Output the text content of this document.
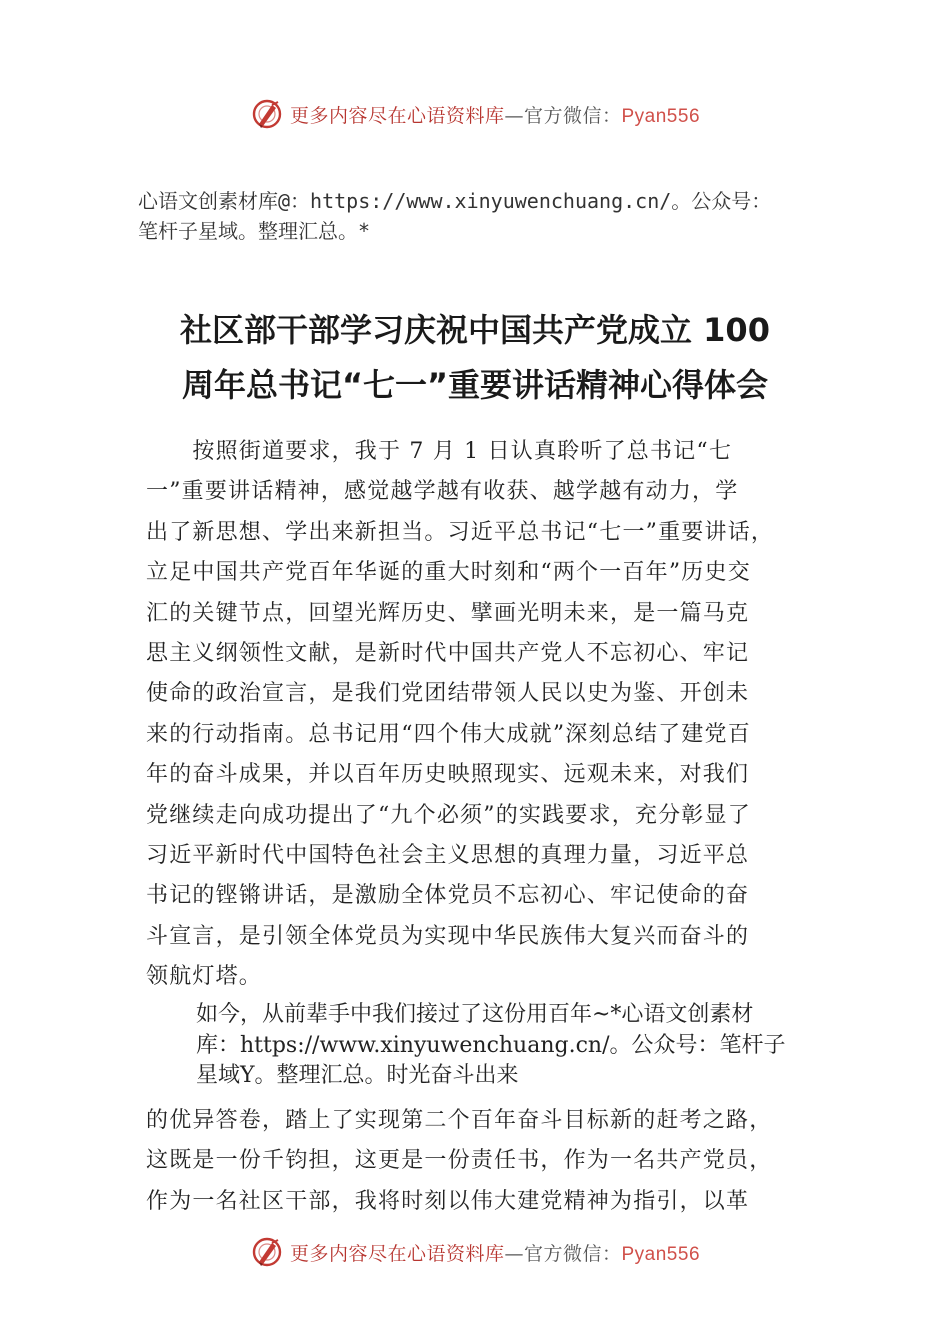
更多内容尽在心语资料库—官方微信：Pyan556
心语文创素材库@：https://www.xinyuwenchuang.cn/。公众号：
笔杆子星域。整理汇总。*
社区部干部学习庆祝中国共产党成立 100
周年总书记“七一”重要讲话精神心得体会
　　按照街道要求，我于 7 月 1 日认真聆听了总书记“七
一”重要讲话精神，感觉越学越有收获、越学越有动力，学
出了新思想、学出来新担当。习近平总书记“七一”重要讲话，
立足中国共产党百年华诞的重大时刻和“两个一百年”历史交
汇的关键节点，回望光辉历史、擘画光明未来，是一篇马克
思主义纲领性文献，是新时代中国共产党人不忘初心、牢记
使命的政治宣言，是我们党团结带领人民以史为鉴、开创未
来的行动指南。总书记用“四个伟大成就”深刻总结了建党百
年的奋斗成果，并以百年历史映照现实、远观未来，对我们
党继续走向成功提出了“九个必须”的实践要求，充分彰显了
习近平新时代中国特色社会主义思想的真理力量，习近平总
书记的铿锵讲话，是激励全体党员不忘初心、牢记使命的奋
斗宣言，是引领全体党员为实现中华民族伟大复兴而奋斗的
领航灯塔。
如今，从前辈手中我们接过了这份用百年~*心语文创素材
库：https://www.xinyuwenchuang.cn/。公众号：笔杆子
星域Y。整理汇总。时光奋斗出来
的优异答卷，踏上了实现第二个百年奋斗目标新的赶考之路，
这既是一份千钧担，这更是一份责任书，作为一名共产党员，
作为一名社区干部，我将时刻以伟大建党精神为指引，以革
更多内容尽在心语资料库—官方微信：Pyan556
